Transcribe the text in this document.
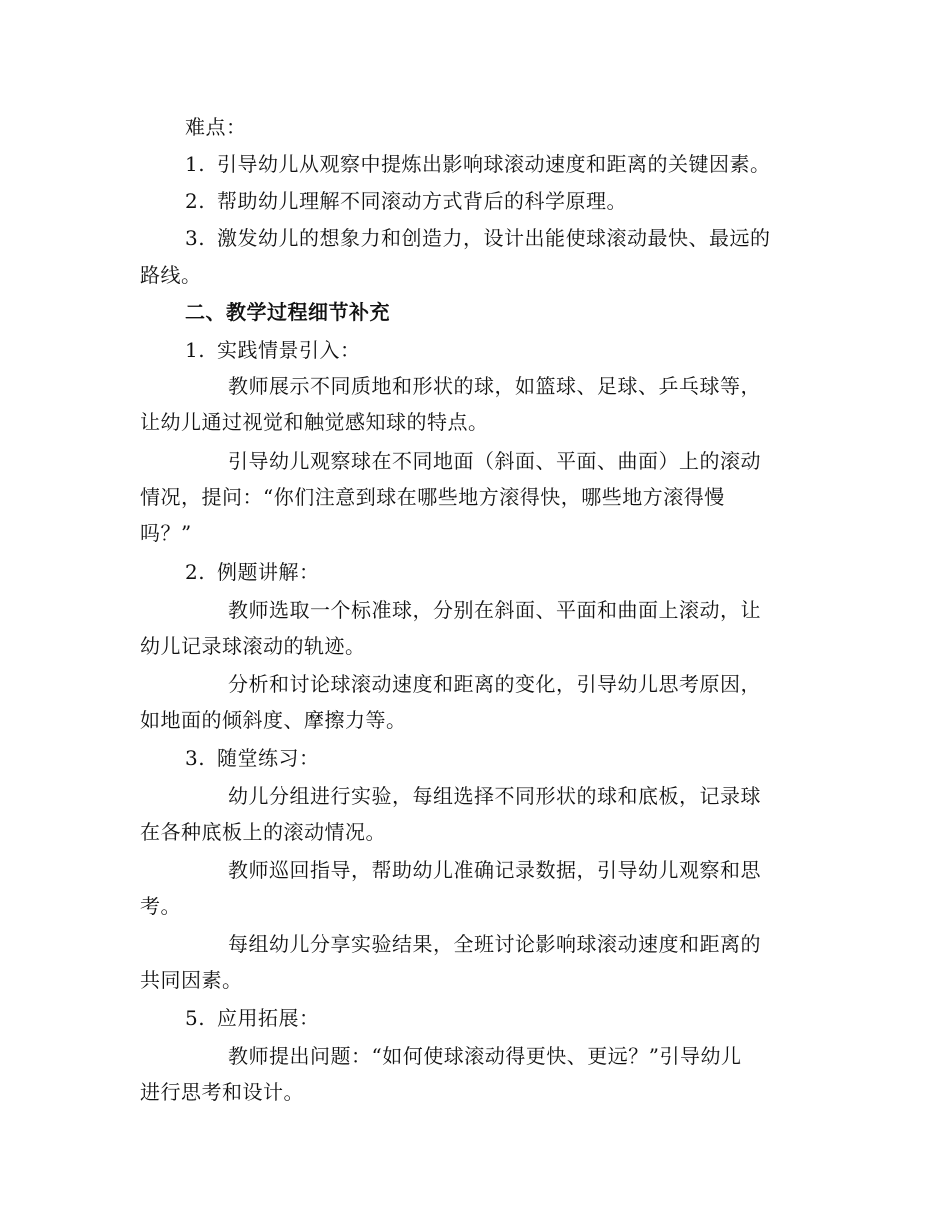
难点：
1. 引导幼儿从观察中提炼出影响球滚动速度和距离的关键因素。
2. 帮助幼儿理解不同滚动方式背后的科学原理。
3. 激发幼儿的想象力和创造力，设计出能使球滚动最快、最远的
路线。
二、教学过程细节补充
1. 实践情景引入：
教师展示不同质地和形状的球，如篮球、足球、乒乓球等，
让幼儿通过视觉和触觉感知球的特点。
引导幼儿观察球在不同地面（斜面、平面、曲面）上的滚动
情况，提问：“你们注意到球在哪些地方滚得快，哪些地方滚得慢
吗？”
2. 例题讲解：
教师选取一个标准球，分别在斜面、平面和曲面上滚动，让
幼儿记录球滚动的轨迹。
分析和讨论球滚动速度和距离的变化，引导幼儿思考原因，
如地面的倾斜度、摩擦力等。
3. 随堂练习：
幼儿分组进行实验，每组选择不同形状的球和底板，记录球
在各种底板上的滚动情况。
教师巡回指导，帮助幼儿准确记录数据，引导幼儿观察和思
考。
每组幼儿分享实验结果，全班讨论影响球滚动速度和距离的
共同因素。
5. 应用拓展：
教师提出问题：“如何使球滚动得更快、更远？”引导幼儿
进行思考和设计。
